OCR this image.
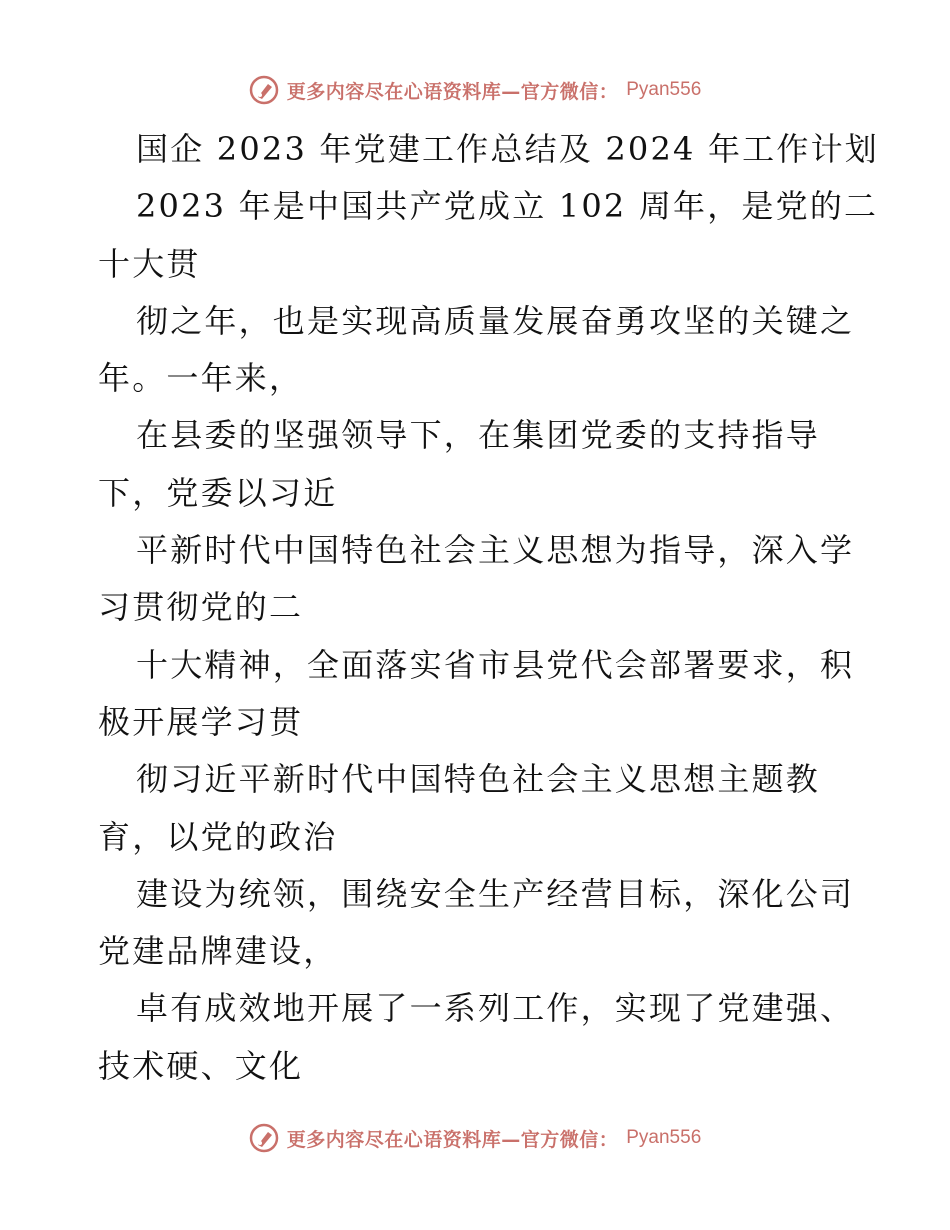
更多内容尽在心语资料库—官方微信： Pyan556
国企 2023 年党建工作总结及 2024 年工作计划
2023 年是中国共产党成立 102 周年，是党的二
十大贯
彻之年，也是实现高质量发展奋勇攻坚的关键之
年。一年来，
在县委的坚强领导下，在集团党委的支持指导
下，党委以习近
平新时代中国特色社会主义思想为指导，深入学
习贯彻党的二
十大精神，全面落实省市县党代会部署要求，积
极开展学习贯
彻习近平新时代中国特色社会主义思想主题教
育，以党的政治
建设为统领，围绕安全生产经营目标，深化公司
党建品牌建设，
卓有成效地开展了一系列工作，实现了党建强、
技术硬、文化
更多内容尽在心语资料库—官方微信： Pyan556
